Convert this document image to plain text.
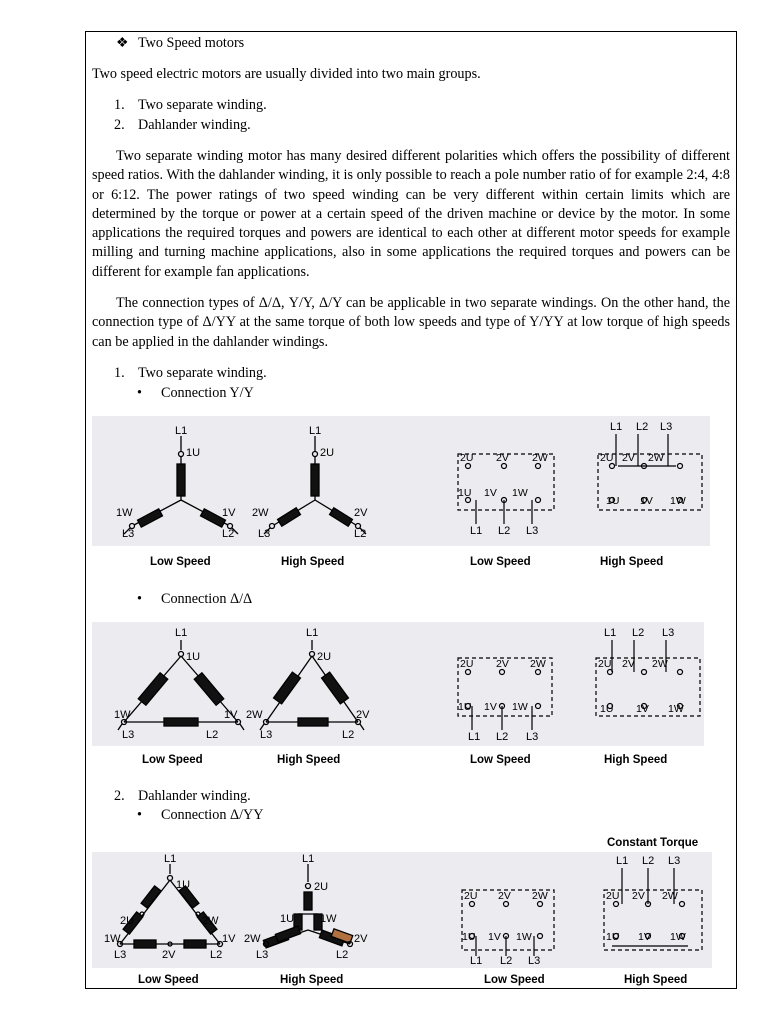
❖ Two Speed motors
Two speed electric motors are usually divided into two main groups.
1. Two separate winding.
2. Dahlander winding.
Two separate winding motor has many desired different polarities which offers the possibility of different speed ratios. With the dahlander winding, it is only possible to reach a pole number ratio of for example 2:4, 4:8 or 6:12. The power ratings of two speed winding can be very different within certain limits which are determined by the torque or power at a certain speed of the driven machine or device by the motor. In some applications the required torques and powers are identical to each other at different motor speeds for example milling and turning machine applications, also in some applications the required torques and powers can be different for example fan applications.
The connection types of Δ/Δ, Y/Y, Δ/Y can be applicable in two separate windings. On the other hand, the connection type of Δ/YY at the same torque of both low speeds and type of Y/YY at low torque of high speeds can be applied in the dahlander windings.
1. Two separate winding.
• Connection Y/Y
L1
1U
1W
L3
1V
L2
L1
2U
2W
L3
2V
L2
2U 2V 2W
1U 1V 1W
L1 L2 L3
L1 L2 L3
2U 2V 2W
1U 1V 1W
Low Speed	High Speed	Low Speed	High Speed
• Connection Δ/Δ
L1
1U
1W
L3
1V
L2
L1
2U
2W
L3
2V
L2
2U 2V 2W
1U 1V 1W
L1 L2 L3
L1 L2 L3
2U 2V 2W
1U 1V 1W
Low Speed	High Speed	Low Speed	High Speed
2. Dahlander winding.
• Connection Δ/YY
Constant Torque
L1
1U
2U	2W
1W	1V
L3	2V	L2
L1
2U
1U 1W
2W	2V
L3	L2
2U 2V 2W
1U 1V 1W
L1 L2 L3
L1 L2 L3
2U 2V 2W
1U 1V 1W
Low Speed	High Speed	Low Speed	High Speed
